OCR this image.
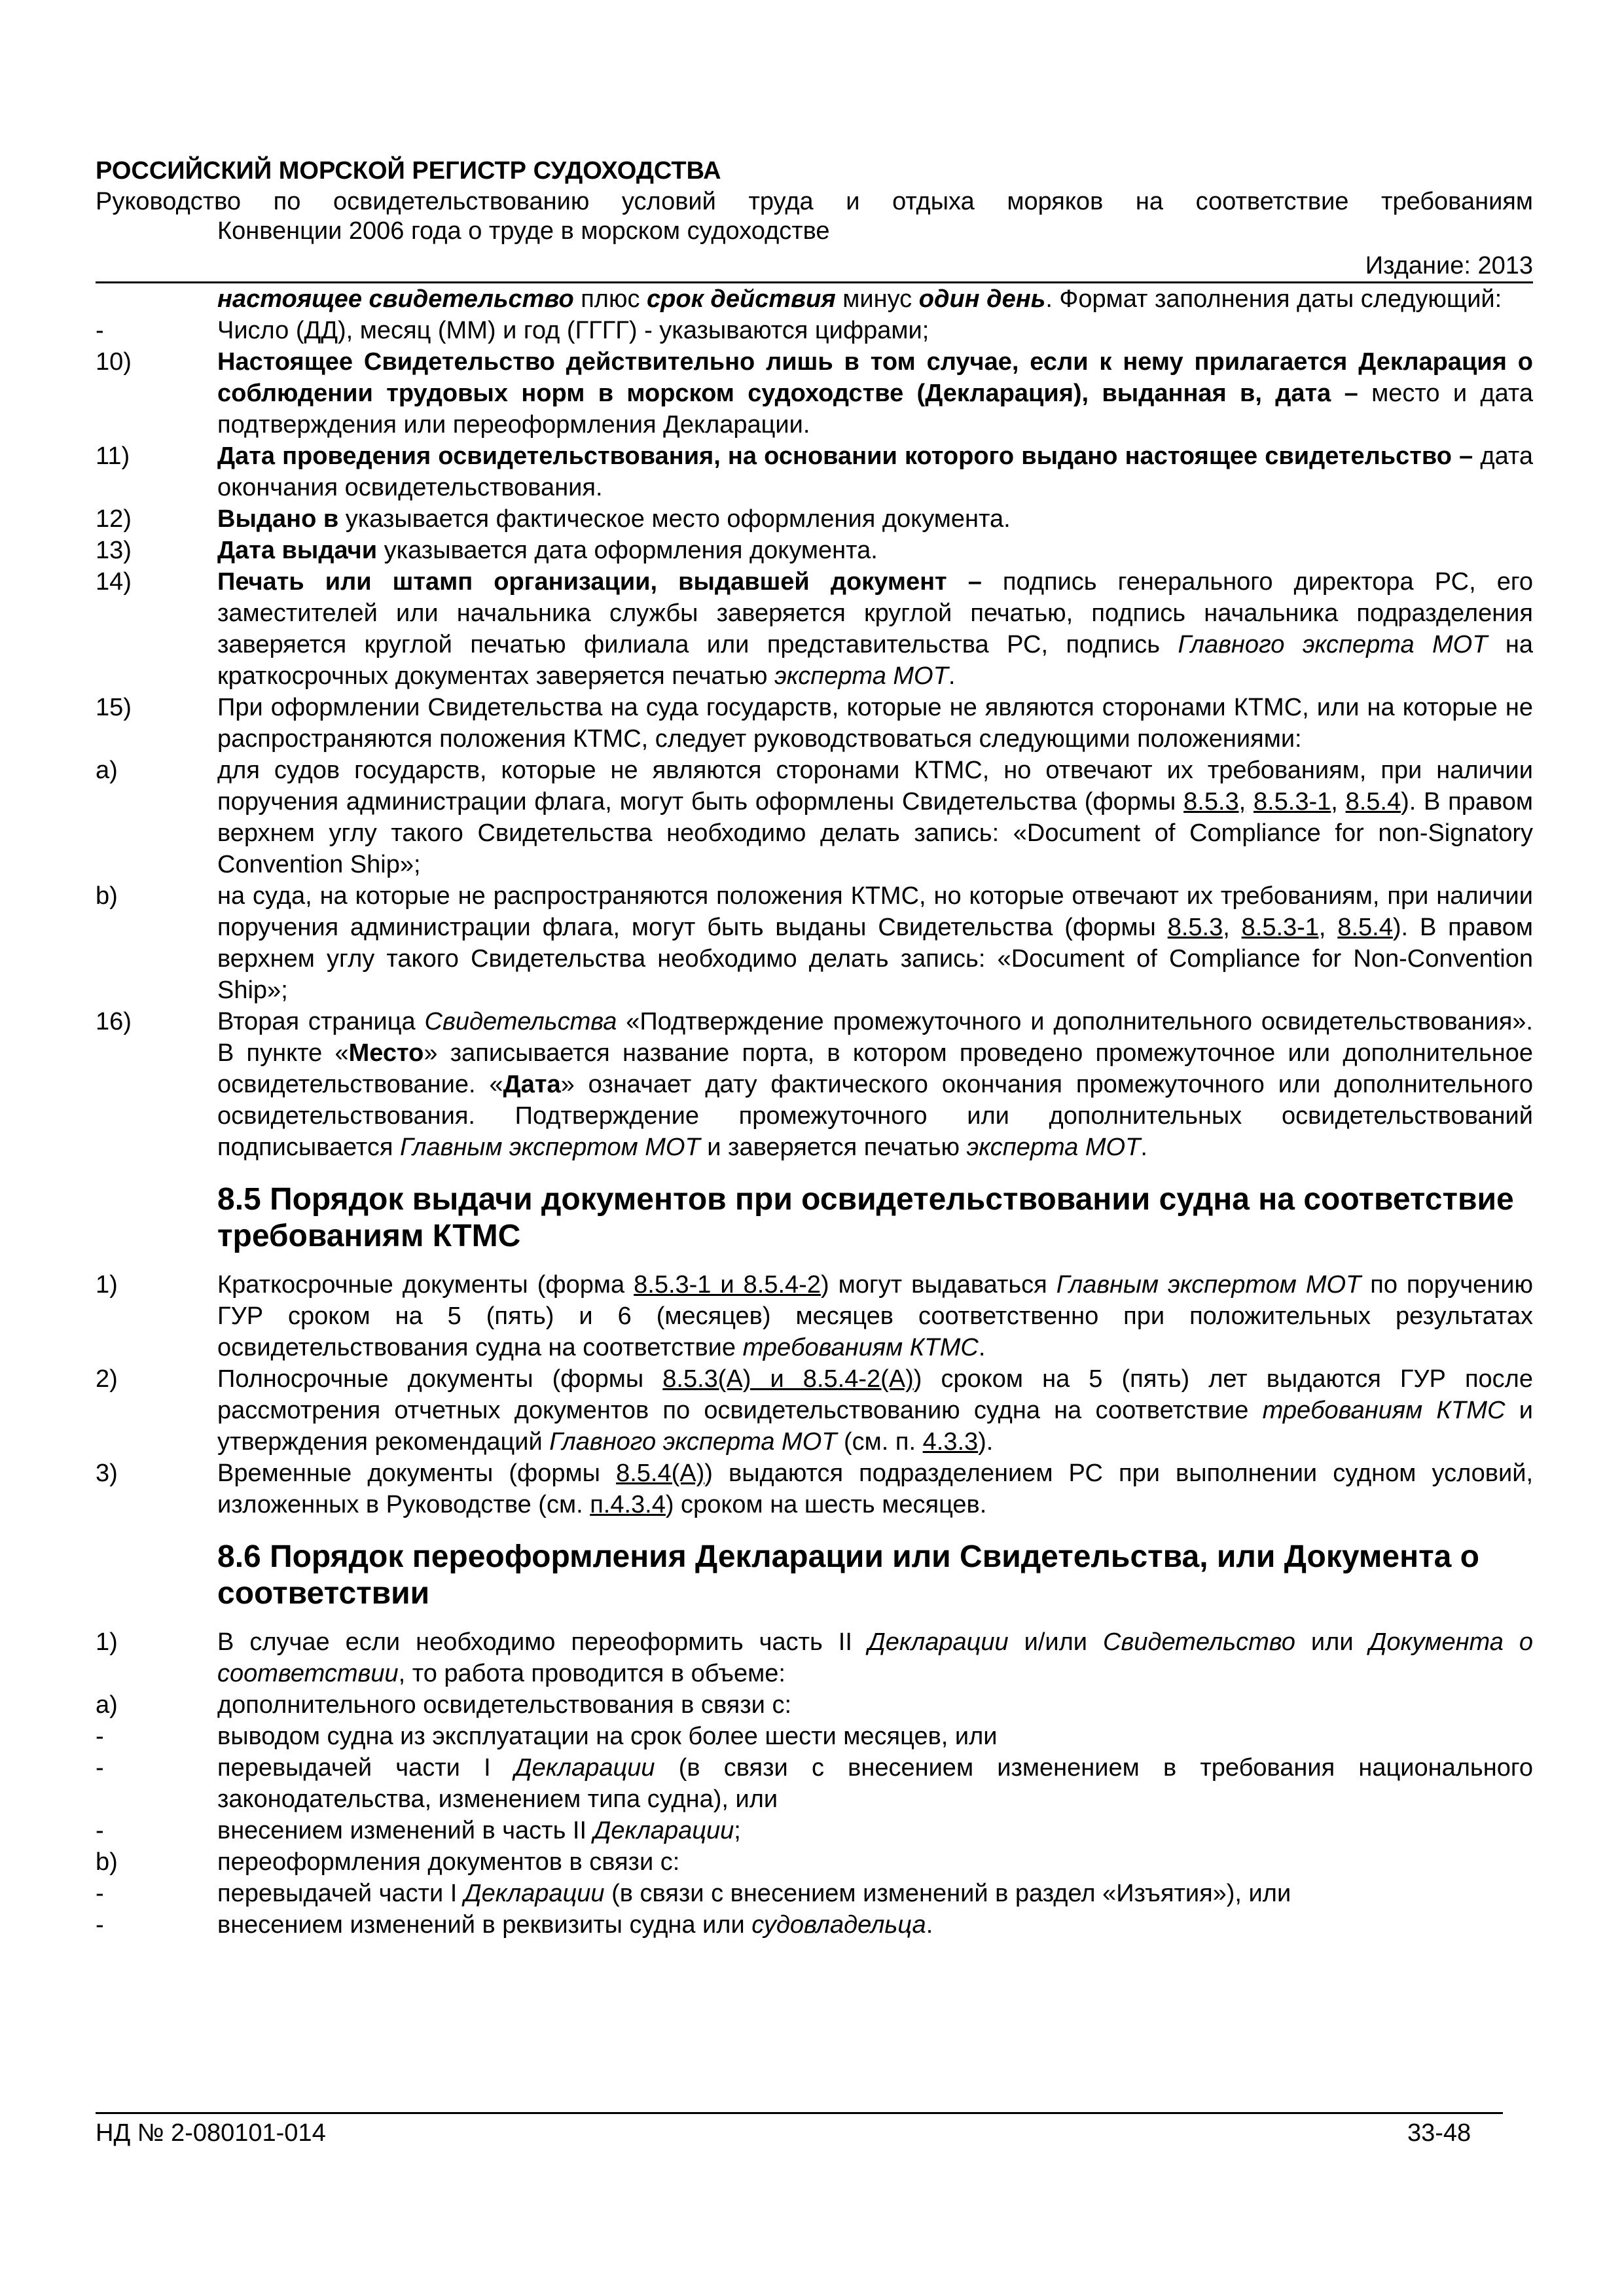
РОССИЙСКИЙ МОРСКОЙ РЕГИСТР СУДОХОДСТВА
Руководство по освидетельствованию условий труда и отдыха моряков на соответствие требованиям
Конвенции 2006 года о труде в морском судоходстве
Издание: 2013
настоящее свидетельство плюс срок действия минус один день. Формат заполнения даты следующий:
-	Число (ДД), месяц (ММ) и год (ГГГГ) - указываются цифрами;
10)	Настоящее Свидетельство действительно лишь в том случае, если к нему прилагается Декларация о соблюдении трудовых норм в морском судоходстве (Декларация), выданная в, дата – место и дата подтверждения или переоформления Декларации.
11)	Дата проведения освидетельствования, на основании которого выдано настоящее свидетельство – дата окончания освидетельствования.
12)	Выдано в указывается фактическое место оформления документа.
13)	Дата выдачи указывается дата оформления документа.
14)	Печать или штамп организации, выдавшей документ – подпись генерального директора РС, его заместителей или начальника службы заверяется круглой печатью, подпись начальника подразделения заверяется круглой печатью филиала или представительства РС, подпись Главного эксперта МОТ на краткосрочных документах заверяется печатью эксперта МОТ.
15)	При оформлении Свидетельства на суда государств, которые не являются сторонами КТМС, или на которые не распространяются положения КТМС, следует руководствоваться следующими положениями:
a)	для судов государств, которые не являются сторонами КТМС, но отвечают их требованиям, при наличии поручения администрации флага, могут быть оформлены Свидетельства (формы 8.5.3, 8.5.3-1, 8.5.4). В правом верхнем углу такого Свидетельства необходимо делать запись: «Document of Compliance for non-Signatory Convention Ship»;
b)	на суда, на которые не распространяются положения КТМС, но которые отвечают их требованиям, при наличии поручения администрации флага, могут быть выданы Свидетельства (формы 8.5.3, 8.5.3-1, 8.5.4). В правом верхнем углу такого Свидетельства необходимо делать запись: «Document of Compliance for Non-Convention Ship»;
16)	Вторая страница Свидетельства «Подтверждение промежуточного и дополнительного освидетельствования». В пункте «Место» записывается название порта, в котором проведено промежуточное или дополнительное освидетельствование. «Дата» означает дату фактического окончания промежуточного или дополнительного освидетельствования. Подтверждение промежуточного или дополнительных освидетельствований подписывается Главным экспертом МОТ и заверяется печатью эксперта МОТ.
8.5 Порядок выдачи документов при освидетельствовании судна на соответствие требованиям КТМС
1)	Краткосрочные документы (форма 8.5.3-1 и 8.5.4-2) могут выдаваться Главным экспертом МОТ по поручению ГУР сроком на 5 (пять) и 6 (месяцев) месяцев соответственно при положительных результатах освидетельствования судна на соответствие требованиям КТМС.
2)	Полносрочные документы (формы 8.5.3(А) и 8.5.4-2(А)) сроком на 5 (пять) лет выдаются ГУР после рассмотрения отчетных документов по освидетельствованию судна на соответствие требованиям КТМС и утверждения рекомендаций Главного эксперта МОТ (см. п. 4.3.3).
3)	Временные документы (формы 8.5.4(А)) выдаются подразделением РС при выполнении судном условий, изложенных в Руководстве (см. п.4.3.4) сроком на шесть месяцев.
8.6 Порядок переоформления Декларации или Свидетельства, или Документа о соответствии
1)	В случае если необходимо переоформить часть II Декларации и/или Свидетельство или Документа о соответствии, то работа проводится в объеме:
a)	дополнительного освидетельствования в связи с:
-	выводом судна из эксплуатации на срок более шести месяцев, или
-	перевыдачей части I Декларации (в связи с внесением изменением в требования национального законодательства, изменением типа судна), или
-	внесением изменений в часть II Декларации;
b)	переоформления документов в связи с:
-	перевыдачей части I Декларации (в связи с внесением изменений в раздел «Изъятия»), или
-	внесением изменений в реквизиты судна или судовладельца.
НД № 2-080101-014	33-48
